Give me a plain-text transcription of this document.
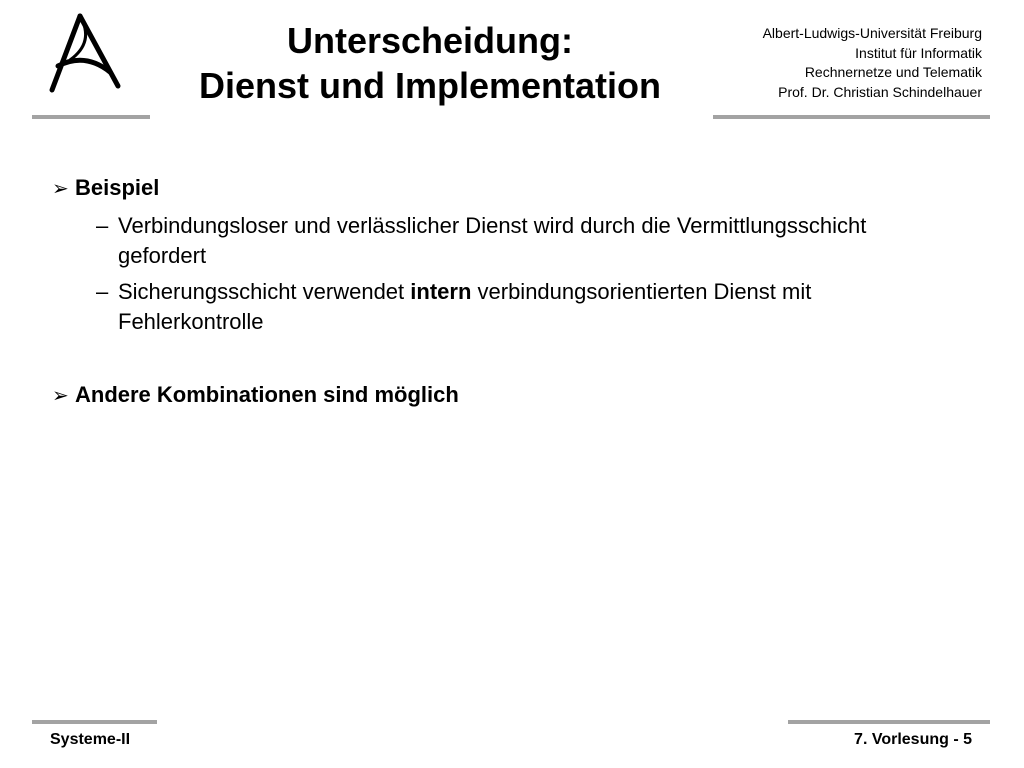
Unterscheidung:
Dienst und Implementation
Albert-Ludwigs-Universität Freiburg
Institut für Informatik
Rechnernetze und Telematik
Prof. Dr. Christian Schindelhauer
➢ Beispiel
– Verbindungsloser und verlässlicher Dienst wird durch die Vermittlungsschicht gefordert
– Sicherungsschicht verwendet intern verbindungsorientierten Dienst mit Fehlerkontrolle
➢ Andere Kombinationen sind möglich
Systeme-II	7. Vorlesung - 5
